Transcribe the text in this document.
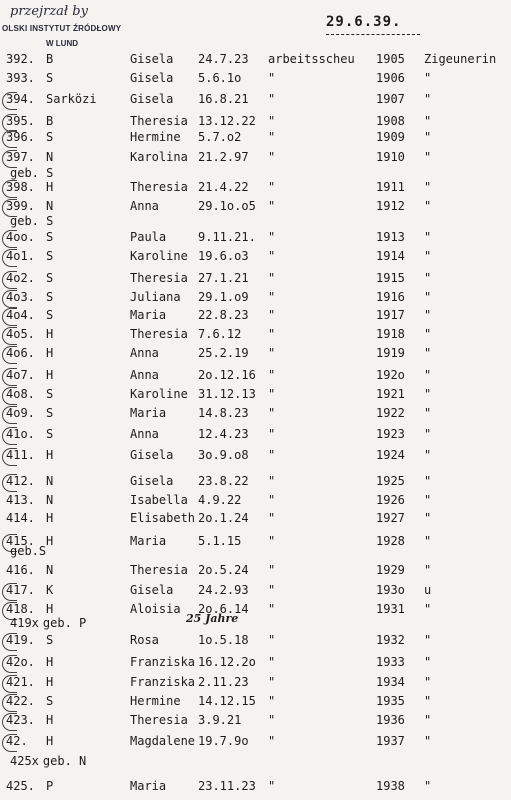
przejrzał by
OLSKI INSTYTUT ŹRÓDŁOWY
W LUND
29.6.39.
392. B	Gisela 24.7.23 arbeitsscheu 1905 Zigeunerin
393. S	Gisela 5.6.1o "	1906 "
394. Sarközi	Gisela 16.8.21 "	1907 "
395. B	Theresia 13.12.22 "	1908 "
396. S	Hermine 5.7.o2 "	1909 "
397. N	Karolina 21.2.97 "	1910 "
398. H	Theresia 21.4.22 "	1911 "
399. N	Anna	29.1o.o5 "	1912 "
4oo. S	Paula	9.11.21. "	1913 "
4o1. S	Karoline 19.6.o3 "	1914 "
4o2. S	Theresia 27.1.21 "	1915 "
4o3. S	Juliana 29.1.o9 "	1916 "
4o4. S	Maria	22.8.23 "	1917 "
4o5. H	Theresia 7.6.12 "	1918 "
4o6. H	Anna	25.2.19 "	1919 "
4o7. H	Anna	2o.12.16 "	192o "
4o8. S	Karoline 31.12.13 "	1921 "
4o9. S	Maria	14.8.23 "	1922 "
41o. S	Anna	12.4.23 "	1923 "
411. H	Gisela 3o.9.o8 "	1924 "
412. N	Gisela 23.8.22 "	1925 "
413. N	Isabella 4.9.22 "	1926 "
414. H	Elisabeth 2o.1.24 "	1927 "
415. H	Maria	5.1.15 "	1928 "
416. N	Theresia 2o.5.24 "	1929 "
417. K	Gisela 24.2.93 "	193o u
418. H	Aloisia 2o.6.14 "	1931 "
419. S	Rosa	1o.5.18 "	1932 "
42o. H	Franziska 16.12.2o "	1933 "
421. H	Franziska 2.11.23 "	1934 "
422. S	Hermine 14.12.15 "	1935 "
423. H	Theresia 3.9.21 "	1936 "
42. H	Magdalene 19.7.9o "	1937 "
425. P	Maria	23.11.23 "	1938 "
geb. S
geb. S
geb.S
419x geb. P
425x geb. N
25 Jahre
